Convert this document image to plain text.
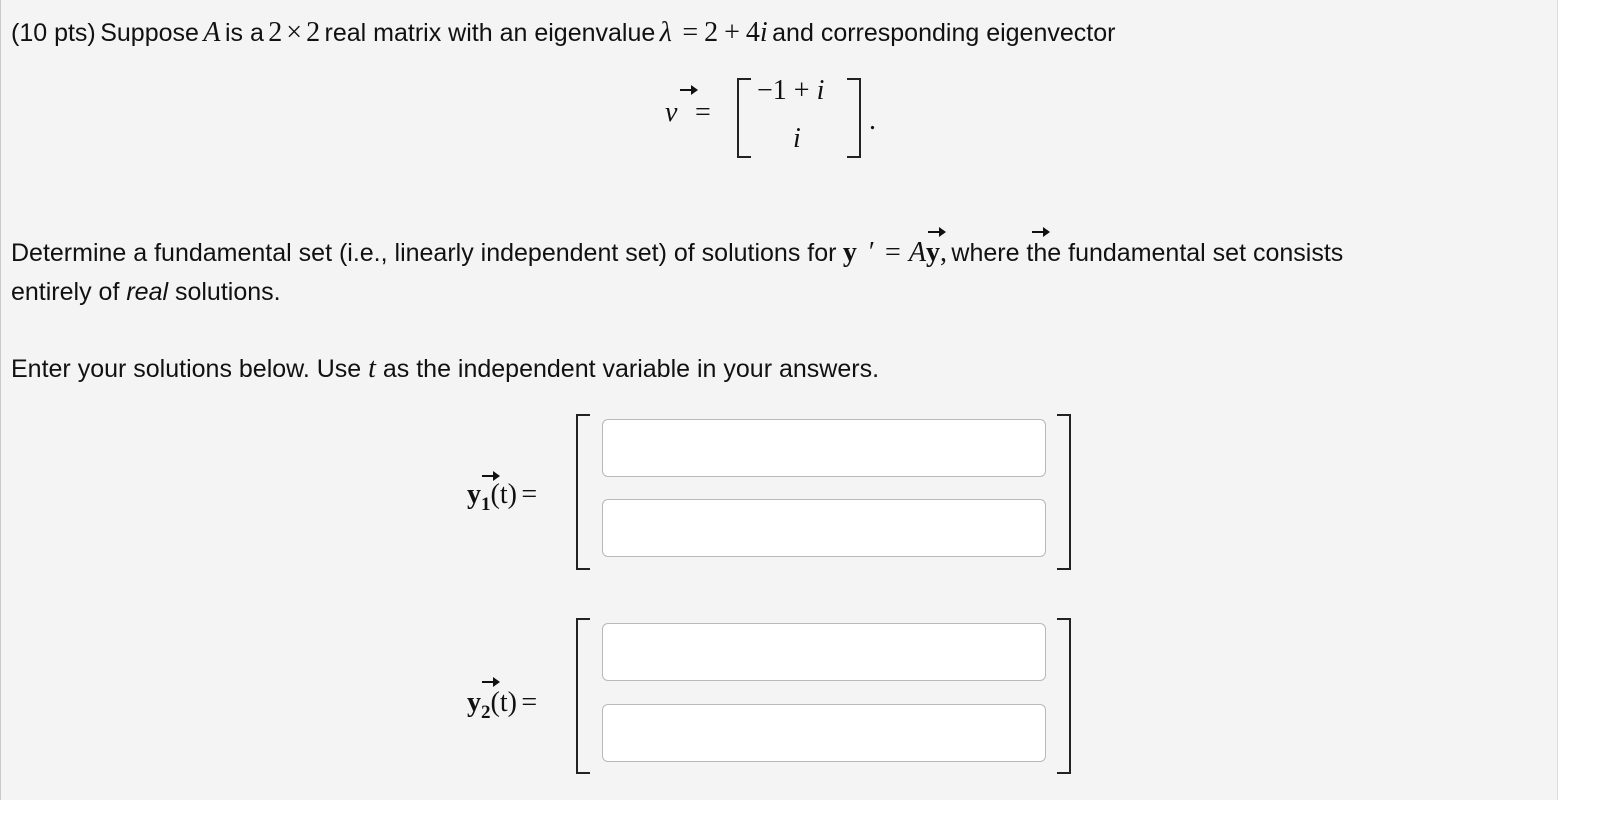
(10 pts) Suppose A is a 2 × 2 real matrix with an eigenvalue λ = 2 + 4i and corresponding eigenvector
v =
−1 + i
i
.
Determine a fundamental set (i.e., linearly independent set) of solutions for y ′ = Ay, where the fundamental set consists
entirely of real solutions.
Enter your solutions below. Use t as the independent variable in your answers.
y1(t) =
y2(t) =
